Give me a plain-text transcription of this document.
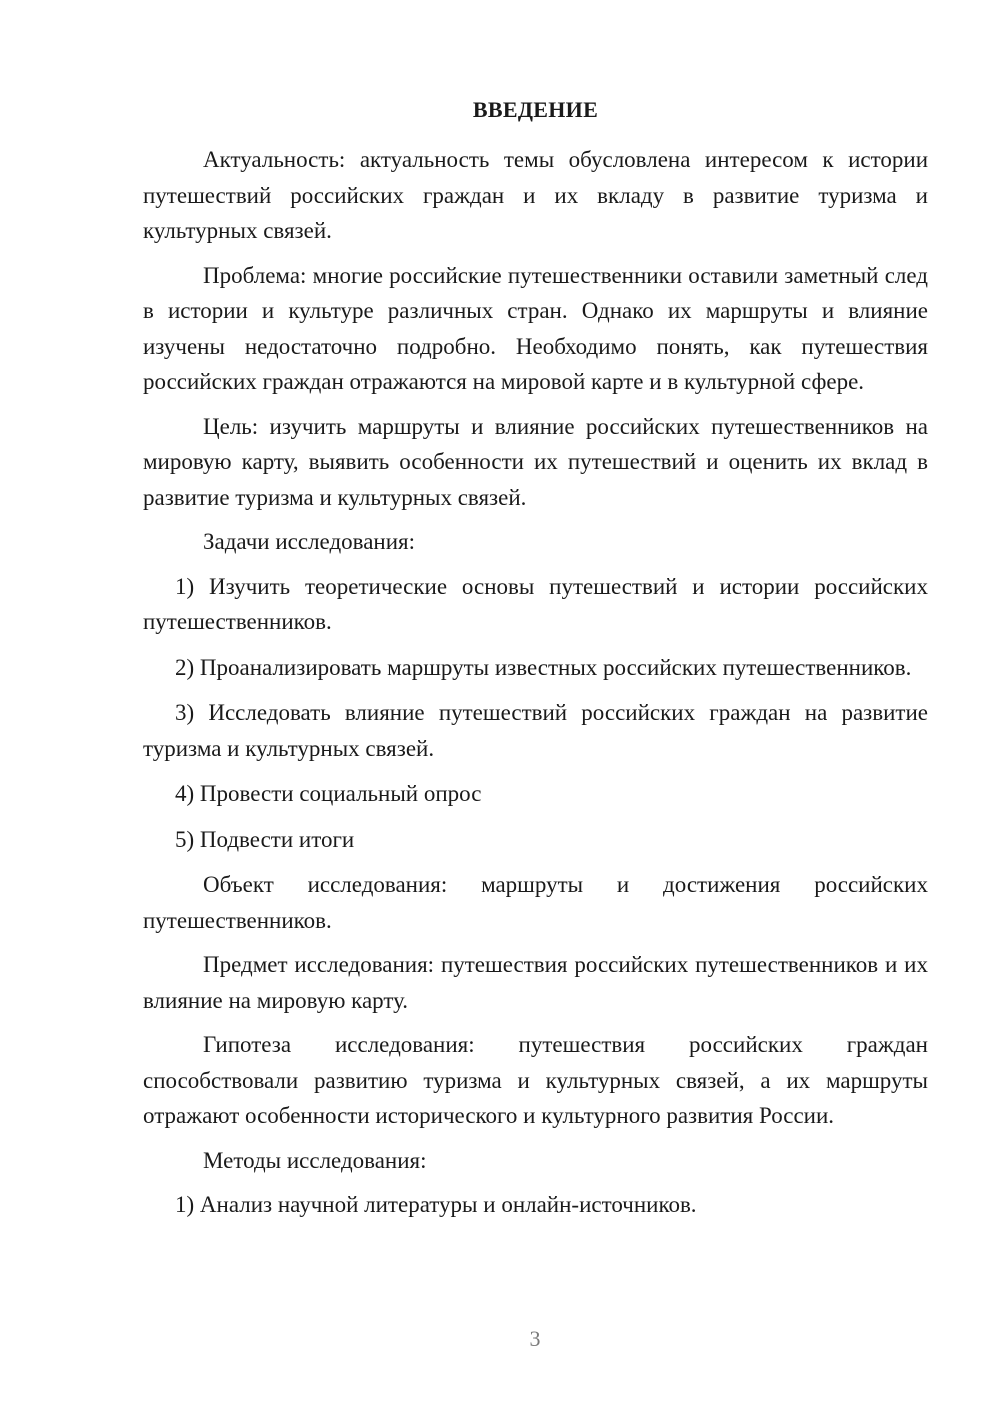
ВВЕДЕНИЕ

Актуальность: актуальность темы обусловлена интересом к истории путешествий российских граждан и их вкладу в развитие туризма и культурных связей.

Проблема: многие российские путешественники оставили заметный след в истории и культуре различных стран. Однако их маршруты и влияние изучены недостаточно подробно. Необходимо понять, как путешествия российских граждан отражаются на мировой карте и в культурной сфере.

Цель: изучить маршруты и влияние российских путешественников на мировую карту, выявить особенности их путешествий и оценить их вклад в развитие туризма и культурных связей.

Задачи исследования:

1) Изучить теоретические основы путешествий и истории российских путешественников.

2) Проанализировать маршруты известных российских путешественников.

3) Исследовать влияние путешествий российских граждан на развитие туризма и культурных связей.

4) Провести социальный опрос

5) Подвести итоги

Объект исследования: маршруты и достижения российских путешественников.

Предмет исследования: путешествия российских путешественников и их влияние на мировую карту.

Гипотеза исследования: путешествия российских граждан способствовали развитию туризма и культурных связей, а их маршруты отражают особенности исторического и культурного развития России.

Методы исследования:

1) Анализ научной литературы и онлайн-источников.

3
